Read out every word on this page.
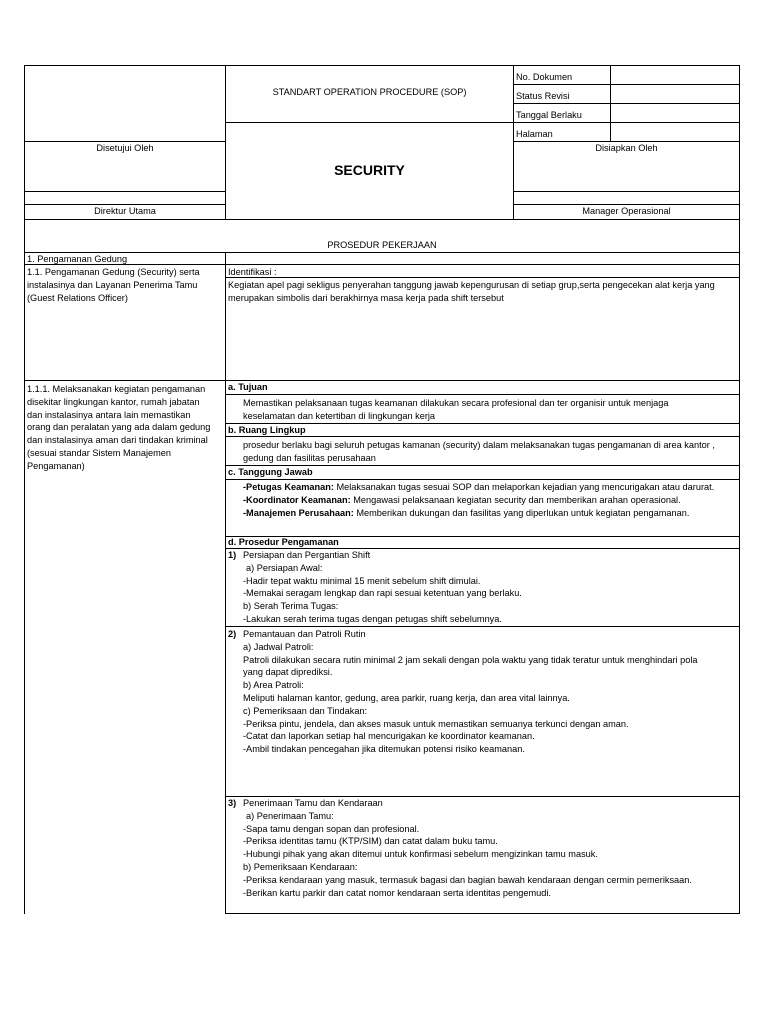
STANDART OPERATION PROCEDURE (SOP)
No. Dokumen
Status Revisi
Tanggal Berlaku
Halaman
Disetujui Oleh	Disiapkan Oleh
SECURITY
Direktur Utama	Manager Operasional
PROSEDUR PEKERJAAN
1. Pengamanan Gedung
1.1. Pengamanan Gedung (Security) serta
instalasinya dan Layanan Penerima Tamu
(Guest Relations Officer)
Identifikasi :
Kegiatan apel pagi sekligus penyerahan tanggung jawab kepengurusan di setiap grup,serta pengecekan alat kerja yang
merupakan simbolis dari berakhirnya masa kerja pada shift tersebut
1.1.1. Melaksanakan kegiatan pengamanan
disekitar lingkungan kantor, rumah jabatan
dan instalasinya antara lain memastikan
orang dan peralatan yang ada dalam gedung
dan instalasinya aman dari tindakan kriminal
(sesuai standar Sistem Manajemen
Pengamanan)
a. Tujuan
Memastikan pelaksanaan tugas keamanan dilakukan secara profesional dan ter organisir untuk menjaga
keselamatan dan ketertiban di lingkungan kerja
b. Ruang Lingkup
prosedur berlaku bagi seluruh petugas kamanan (security) dalam melaksanakan tugas pengamanan di area kantor ,
gedung dan fasilitas perusahaan
c. Tanggung Jawab
-Petugas Keamanan: Melaksanakan tugas sesuai SOP dan melaporkan kejadian yang mencurigakan atau darurat.
-Koordinator Keamanan: Mengawasi pelaksanaan kegiatan security dan memberikan arahan operasional.
-Manajemen Perusahaan: Memberikan dukungan dan fasilitas yang diperlukan untuk kegiatan pengamanan.
d. Prosedur Pengamanan
1) Persiapan dan Pergantian Shift
a) Persiapan Awal:
-Hadir tepat waktu minimal 15 menit sebelum shift dimulai.
-Memakai seragam lengkap dan rapi sesuai ketentuan yang berlaku.
b) Serah Terima Tugas:
-Lakukan serah terima tugas dengan petugas shift sebelumnya.
2) Pemantauan dan Patroli Rutin
a) Jadwal Patroli:
Patroli dilakukan secara rutin minimal 2 jam sekali dengan pola waktu yang tidak teratur untuk menghindari pola
yang dapat diprediksi.
b) Area Patroli:
Meliputi halaman kantor, gedung, area parkir, ruang kerja, dan area vital lainnya.
c) Pemeriksaan dan Tindakan:
-Periksa pintu, jendela, dan akses masuk untuk memastikan semuanya terkunci dengan aman.
-Catat dan laporkan setiap hal mencurigakan ke koordinator keamanan.
-Ambil tindakan pencegahan jika ditemukan potensi risiko keamanan.
3) Penerimaan Tamu dan Kendaraan
a) Penerimaan Tamu:
-Sapa tamu dengan sopan dan profesional.
-Periksa identitas tamu (KTP/SIM) dan catat dalam buku tamu.
-Hubungi pihak yang akan ditemui untuk konfirmasi sebelum mengizinkan tamu masuk.
b) Pemeriksaan Kendaraan:
-Periksa kendaraan yang masuk, termasuk bagasi dan bagian bawah kendaraan dengan cermin pemeriksaan.
-Berikan kartu parkir dan catat nomor kendaraan serta identitas pengemudi.
